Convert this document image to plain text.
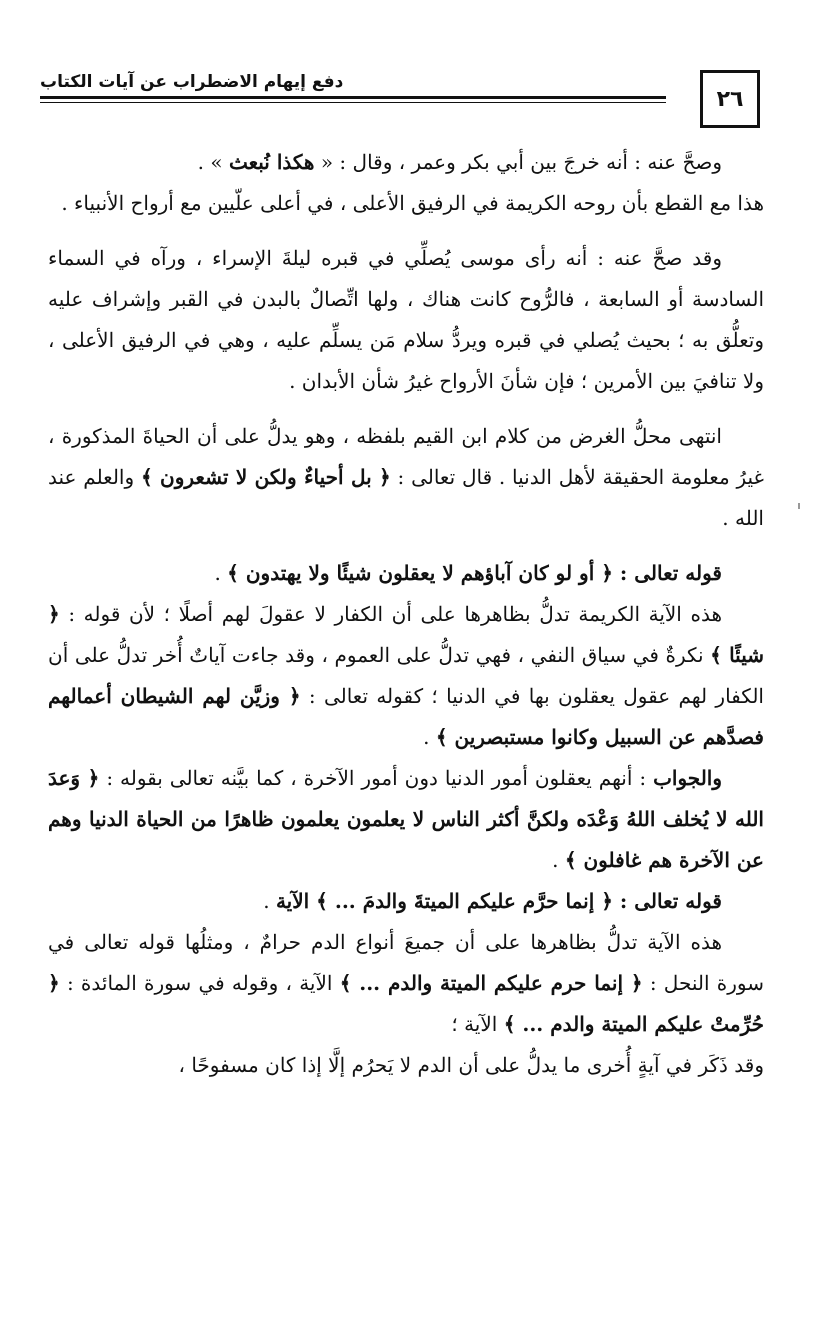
دفع إيهام الاضطراب عن آيات الكتاب
٢٦

وصحَّ عنه : أنه خرجَ بين أبي بكر وعمر ، وقال : « هكذا نُبعث » .

هذا مع القطع بأن روحه الكريمة في الرفيق الأعلى ، في أعلى علّيين مع أرواح الأنبياء .

وقد صحَّ عنه : أنه رأى موسى يُصلِّي في قبره ليلةَ الإسراء ، ورآه في السماء السادسة أو السابعة ، فالرُّوح كانت هناك ، ولها اتِّصالٌ بالبدن في القبر وإشراف عليه وتعلُّق به ؛ بحيث يُصلي في قبره ويردُّ سلام مَن يسلِّم عليه ، وهي في الرفيق الأعلى ، ولا تنافيَ بين الأمرين ؛ فإن شأنَ الأرواح غيرُ شأن الأبدان .

انتهى محلُّ الغرض من كلام ابن القيم بلفظه ، وهو يدلُّ على أن الحياةَ المذكورة ، غيرُ معلومة الحقيقة لأهل الدنيا . قال تعالى : ﴿ بل أحياءٌ ولكن لا تشعرون ﴾ والعلم عند الله .

قوله تعالى : ﴿ أو لو كان آباؤهم لا يعقلون شيئًا ولا يهتدون ﴾ .

هذه الآية الكريمة تدلُّ بظاهرها على أن الكفار لا عقولَ لهم أصلًا ؛ لأن قوله : ﴿ شيئًا ﴾ نكرةٌ في سياق النفي ، فهي تدلُّ على العموم ، وقد جاءت آياتٌ أُخر تدلُّ على أن الكفار لهم عقول يعقلون بها في الدنيا ؛ كقوله تعالى : ﴿ وزيَّن لهم الشيطان أعمالهم فصدَّهم عن السبيل وكانوا مستبصرين ﴾ .

والجواب : أنهم يعقلون أمور الدنيا دون أمور الآخرة ، كما بيَّنه تعالى بقوله : ﴿ وَعدَ الله لا يُخلف اللهُ وَعْدَه ولكنَّ أكثر الناس لا يعلمون يعلمون ظاهرًا من الحياة الدنيا وهم عن الآخرة هم غافلون ﴾ .

قوله تعالى : ﴿ إنما حرَّم عليكم الميتةَ والدمَ ... ﴾ الآية .

هذه الآية تدلُّ بظاهرها على أن جميعَ أنواع الدم حرامٌ ، ومثلُها قوله تعالى في سورة النحل : ﴿ إنما حرم عليكم الميتة والدم ... ﴾ الآية ، وقوله في سورة المائدة : ﴿ حُرِّمتْ عليكم الميتة والدم ... ﴾ الآية ؛

وقد ذَكَر في آيةٍ أُخرى ما يدلُّ على أن الدم لا يَحرُم إلَّا إذا كان مسفوحًا ،
